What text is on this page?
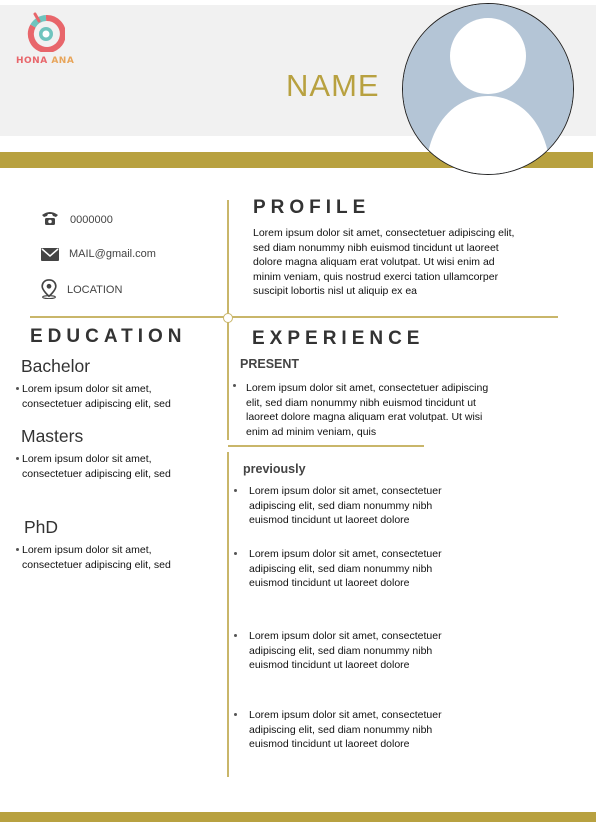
HONA ANA
NAME
0000000
MAIL@gmail.com
LOCATION
PROFILE
Lorem ipsum dolor sit amet, consectetuer adipiscing elit, sed diam nonummy nibh euismod tincidunt ut laoreet dolore magna aliquam erat volutpat. Ut wisi enim ad minim veniam, quis nostrud exerci tation ullamcorper suscipit lobortis nisl ut aliquip ex ea
EDUCATION
Bachelor
Lorem ipsum dolor sit amet, consectetuer adipiscing elit, sed
Masters
Lorem ipsum dolor sit amet, consectetuer adipiscing elit, sed
PhD
Lorem ipsum dolor sit amet, consectetuer adipiscing elit, sed
EXPERIENCE
PRESENT
Lorem ipsum dolor sit amet, consectetuer adipiscing elit, sed diam nonummy nibh euismod tincidunt ut laoreet dolore magna aliquam erat volutpat. Ut wisi enim ad minim veniam, quis
previously
Lorem ipsum dolor sit amet, consectetuer adipiscing elit, sed diam nonummy nibh euismod tincidunt ut laoreet dolore
Lorem ipsum dolor sit amet, consectetuer adipiscing elit, sed diam nonummy nibh euismod tincidunt ut laoreet dolore
Lorem ipsum dolor sit amet, consectetuer adipiscing elit, sed diam nonummy nibh euismod tincidunt ut laoreet dolore
Lorem ipsum dolor sit amet, consectetuer adipiscing elit, sed diam nonummy nibh euismod tincidunt ut laoreet dolore
